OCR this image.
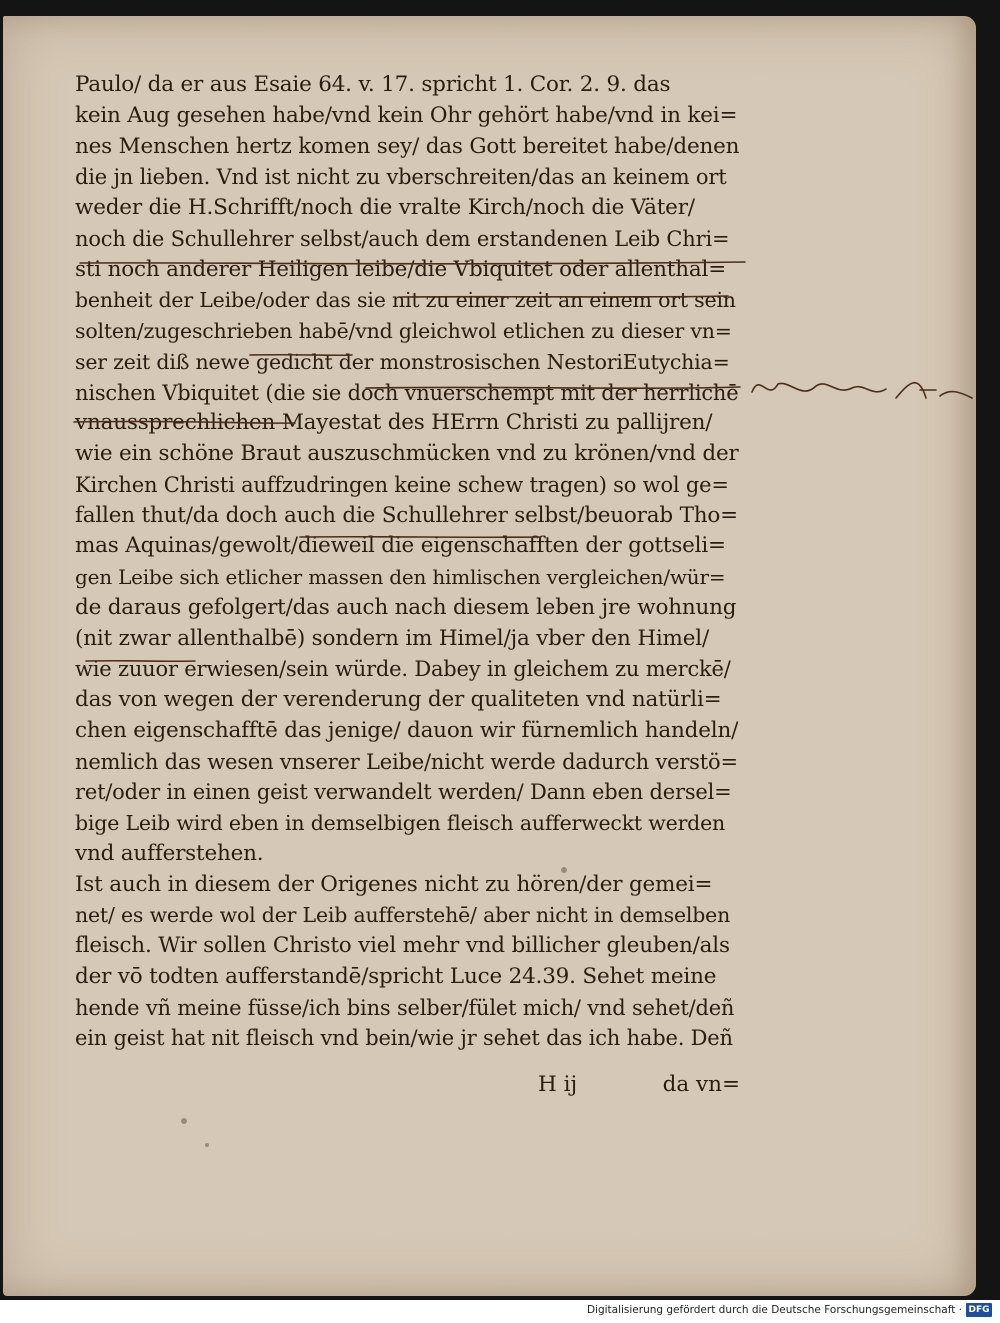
Paulo/ da er aus Esaie 64. v. 17. spricht 1. Cor. 2. 9. das
kein Aug gesehen habe/vnd kein Ohr gehört habe/vnd in kei=
nes Menschen hertz komen sey/ das Gott bereitet habe/denen
die jn lieben. Vnd ist nicht zu vberschreiten/das an keinem ort
weder die H.Schrifft/noch die vralte Kirch/noch die Väter/
noch die Schullehrer selbst/auch dem erstandenen Leib Chri=
sti noch anderer Heiligen leibe/die Vbiquitet oder allenthal=
benheit der Leibe/oder das sie nit zu einer zeit an einem ort sein
solten/zugeschrieben habē/vnd gleichwol etlichen zu dieser vn=
ser zeit diß newe gedicht der monstrosischen NestoriEutychia=
nischen Vbiquitet (die sie doch vnuerschempt mit der herrlichē
vnaussprechlichen Mayestat des HErrn Christi zu pallijren/
wie ein schöne Braut auszuschmücken vnd zu krönen/vnd der
Kirchen Christi auffzudringen keine schew tragen) so wol ge=
fallen thut/da doch auch die Schullehrer selbst/beuorab Tho=
mas Aquinas/gewolt/dieweil die eigenschafften der gottseli=
gen Leibe sich etlicher massen den himlischen vergleichen/wür=
de daraus gefolgert/das auch nach diesem leben jre wohnung
(nit zwar allenthalbē) sondern im Himel/ja vber den Himel/
wie zuuor erwiesen/sein würde. Dabey in gleichem zu merckē/
das von wegen der verenderung der qualiteten vnd natürli=
chen eigenschafftē das jenige/ dauon wir fürnemlich handeln/
nemlich das wesen vnserer Leibe/nicht werde dadurch verstö=
ret/oder in einen geist verwandelt werden/ Dann eben dersel=
bige Leib wird eben in demselbigen fleisch aufferweckt werden
vnd aufferstehen.
Ist auch in diesem der Origenes nicht zu hören/der gemei=
net/ es werde wol der Leib aufferstehē/ aber nicht in demselben
fleisch. Wir sollen Christo viel mehr vnd billicher gleuben/als
der vō todten aufferstandē/spricht Luce 24.39. Sehet meine
hende vñ meine füsse/ich bins selber/fület mich/ vnd sehet/deñ
ein geist hat nit fleisch vnd bein/wie jr sehet das ich habe. Deñ
H ij	da vn=
Digitalisierung gefördert durch die Deutsche Forschungsgemeinschaft · DFG
